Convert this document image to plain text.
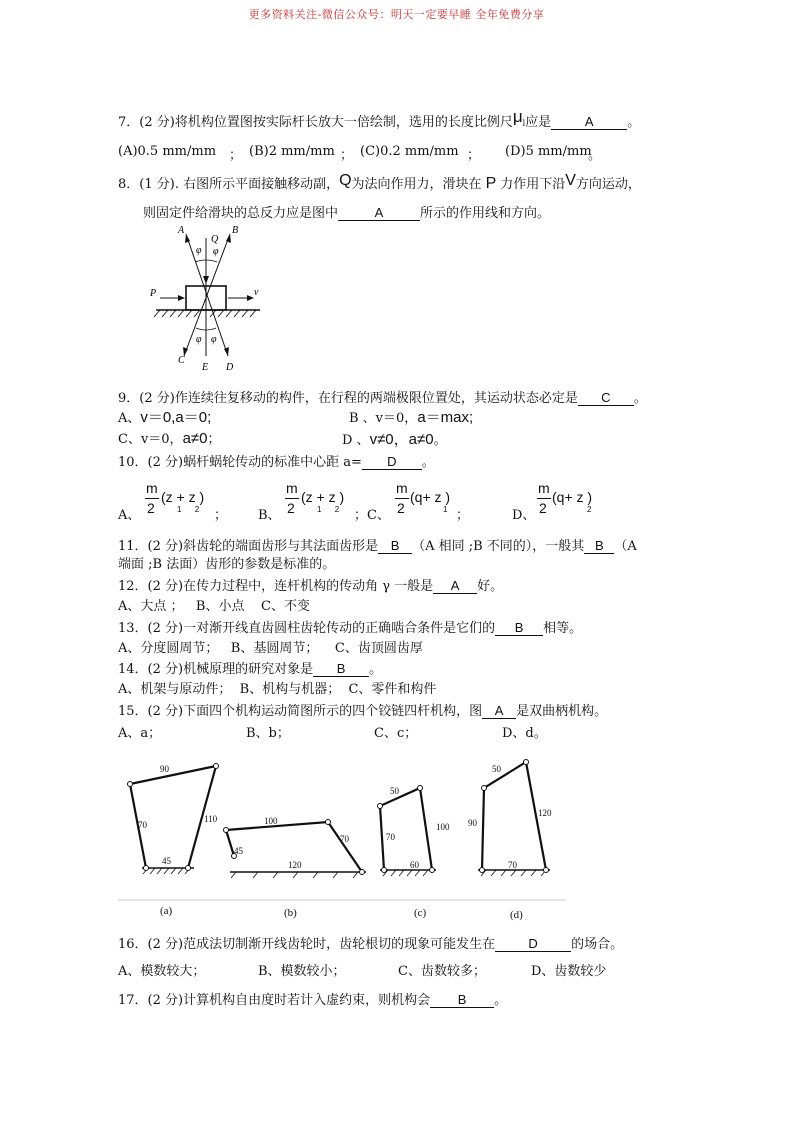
更多资料关注-微信公众号：明天一定要早睡 全年免费分享
7．(2 分)将机构位置图按实际杆长放大一倍绘制，选用的长度比例尺μl应是	A	。
(A)0.5 mm/mm ； (B)2 mm/mm ； (C)0.2 mm/mm ； (D)5 mm/mm
。
8．(1 分). 右图所示平面接触移动副，Q为法向作用力，滑块在 P 力作用下沿V方向运动，
则固定件给滑块的总反力应是图中	A	所示的作用线和方向。
A	B
Q
φ φ
P	v
φ φ
C
E D
9．(2 分)作连续往复移动的构件，在行程的两端极限位置处，其运动状态必定是 C 。
A、v＝0,a＝0;	B 、v＝0，a＝max;
C、v＝0，a≠0；	D 、v≠0，a≠0。
10．(2 分)蜗杆蜗轮传动的标准中心距 a= D 。
A、
m
2
(z + z )
1      2 ； B、
m
2
(z + z )
1      2 ；C、
m
2
(q+ z )
1 ；	D、
m
2
(q+ z )
2
11．(2 分)斜齿轮的端面齿形与其法面齿形是 B （A 相同 ;B 不同的），一般其 B （A
端面 ;B 法面）齿形的参数是标准的。
12．(2 分)在传力过程中，连杆机构的传动角 γ 一般是 A 好。
A、大点 ；   B、小点    C、不变
13．(2 分)一对渐开线直齿圆柱齿轮传动的正确啮合条件是它们的 B 相等。
A、分度圆周节；   B、基圆周节；    C、齿顶圆齿厚
14．(2 分)机械原理的研究对象是 B 。
A、机架与原动件；  B、机构与机器；  C、零件和构件
15．(2 分)下面四个机构运动简图所示的四个铰链四杆机构，图 A 是双曲柄机构。
A、a；	B、b；	C、c；	D、d。
90
70
110
45
100
45
70
120
50
70
100
60
50
90
120
70
(a)	(b)	(c)	(d)
16．(2 分)范成法切制渐开线齿轮时，齿轮根切的现象可能发生在	D	的场合。
A、模数较大；	B、模数较小；	C、齿数较多；	D、齿数较少
17．(2 分)计算机构自由度时若计入虚约束，则机构会 B 。
